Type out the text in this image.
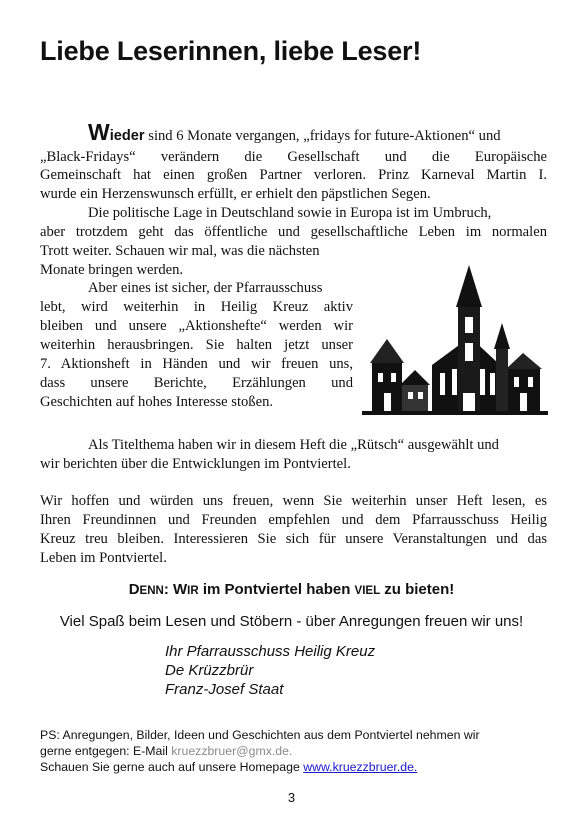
Liebe Leserinnen, liebe Leser!
Wieder sind 6 Monate vergangen, „fridays for future-Aktionen“ und
„Black-Fridays“ verändern die Gesellschaft und die Europäische
Gemeinschaft hat einen großen Partner verloren. Prinz Karneval Martin I.
wurde ein Herzenswunsch erfüllt, er erhielt den päpstlichen Segen.
Die politische Lage in Deutschland sowie in Europa ist im Umbruch,
aber trotzdem geht das öffentliche und gesellschaftliche Leben im normalen
Trott weiter. Schauen wir mal, was die nächsten
Monate bringen werden.
Aber eines ist sicher, der Pfarrausschuss
lebt, wird weiterhin in Heilig Kreuz aktiv
bleiben und unsere „Aktionshefte“ werden wir
weiterhin herausbringen. Sie halten jetzt unser
7. Aktionsheft in Händen und wir freuen uns,
dass unsere Berichte, Erzählungen und
Geschichten auf hohes Interesse stoßen.
Als Titelthema haben wir in diesem Heft die „Rütsch“ ausgewählt und
wir berichten über die Entwicklungen im Pontviertel.
Wir hoffen und würden uns freuen, wenn Sie weiterhin unser Heft lesen, es
Ihren Freundinnen und Freunden empfehlen und dem Pfarrausschuss Heilig
Kreuz treu bleiben. Interessieren Sie sich für unsere Veranstaltungen und das
Leben im Pontviertel.
DENN: WIR im Pontviertel haben VIEL zu bieten!
Viel Spaß beim Lesen und Stöbern - über Anregungen freuen wir uns!
Ihr Pfarrausschuss Heilig Kreuz
De Krüzzbrür
Franz-Josef Staat
PS: Anregungen, Bilder, Ideen und Geschichten aus dem Pontviertel nehmen wir
gerne entgegen: E-Mail kruezzbruer@gmx.de.
Schauen Sie gerne auch auf unsere Homepage www.kruezzbruer.de.
3
